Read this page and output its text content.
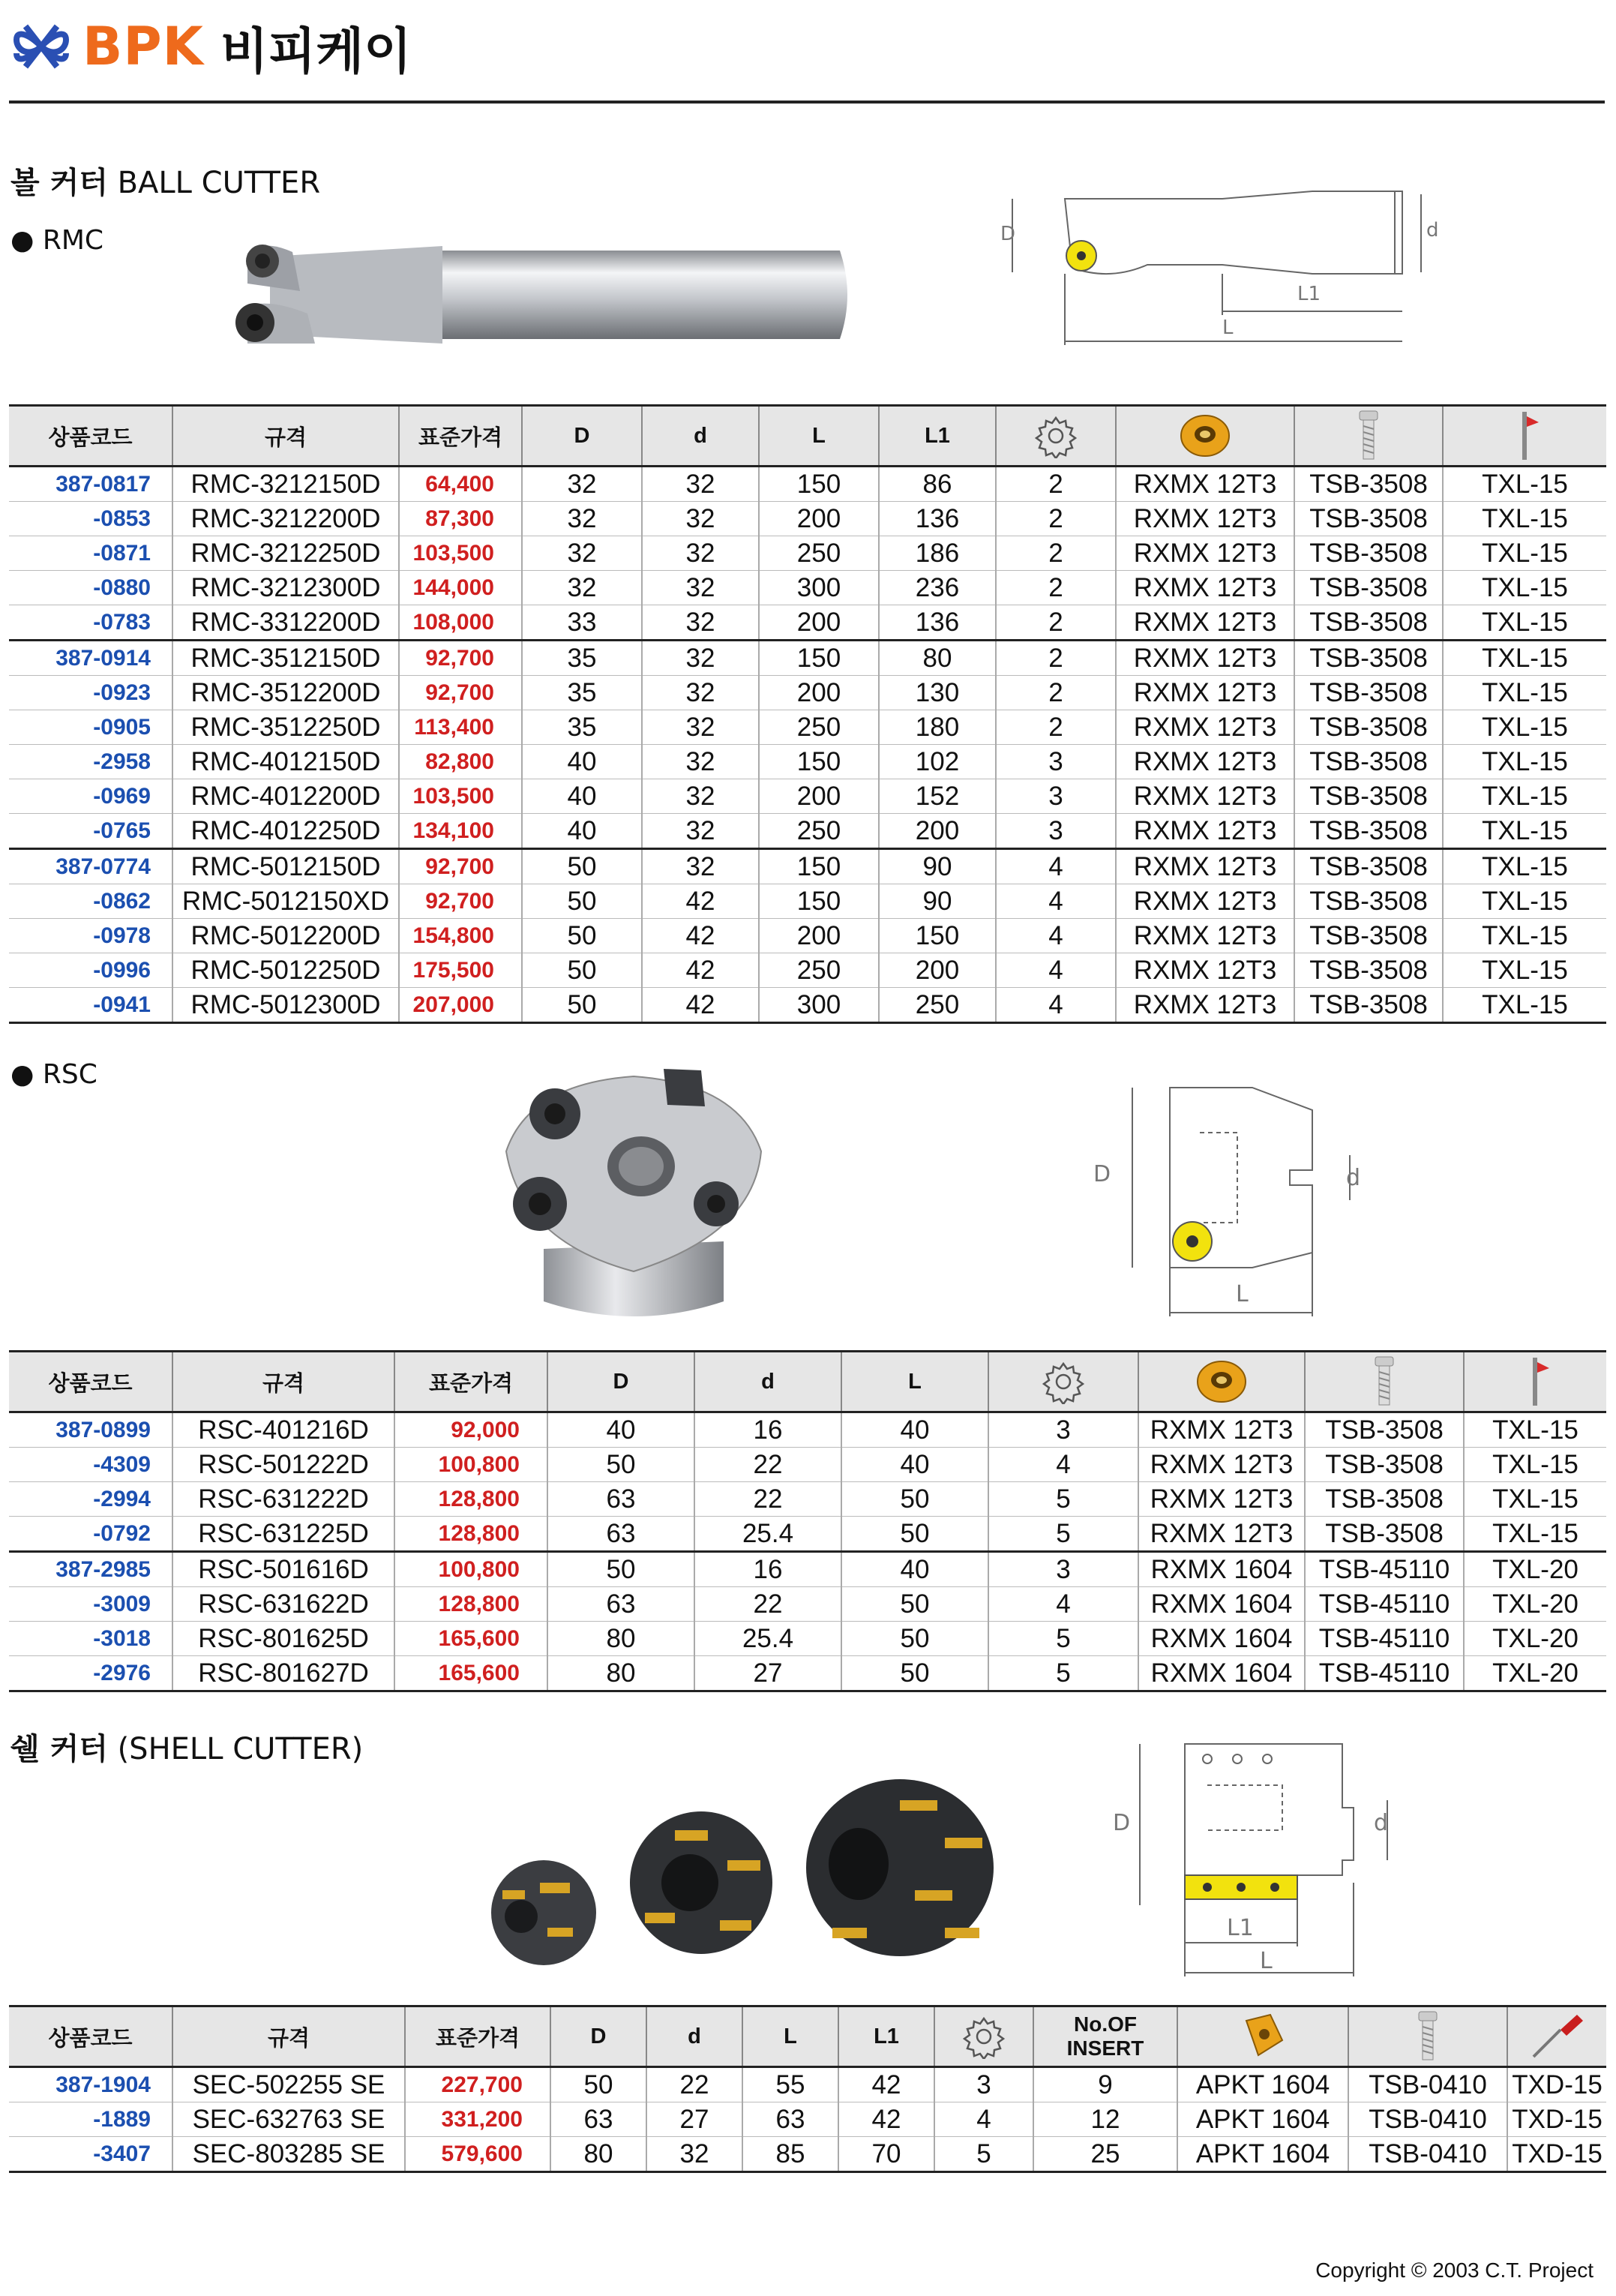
BPK 비피케이
볼 커터 BALL CUTTER
● RMC	D	d
L1
L
상품코드	규격	표준가격	D	d	L	L1				
387-0817	RMC-3212150D	64,400	32	32	150	86	2	RXMX 12T3	TSB-3508	TXL-15
-0853	RMC-3212200D	87,300	32	32	200	136	2	RXMX 12T3	TSB-3508	TXL-15
-0871	RMC-3212250D	103,500	32	32	250	186	2	RXMX 12T3	TSB-3508	TXL-15
-0880	RMC-3212300D	144,000	32	32	300	236	2	RXMX 12T3	TSB-3508	TXL-15
-0783	RMC-3312200D	108,000	33	32	200	136	2	RXMX 12T3	TSB-3508	TXL-15
387-0914	RMC-3512150D	92,700	35	32	150	80	2	RXMX 12T3	TSB-3508	TXL-15
-0923	RMC-3512200D	92,700	35	32	200	130	2	RXMX 12T3	TSB-3508	TXL-15
-0905	RMC-3512250D	113,400	35	32	250	180	2	RXMX 12T3	TSB-3508	TXL-15
-2958	RMC-4012150D	82,800	40	32	150	102	3	RXMX 12T3	TSB-3508	TXL-15
-0969	RMC-4012200D	103,500	40	32	200	152	3	RXMX 12T3	TSB-3508	TXL-15
-0765	RMC-4012250D	134,100	40	32	250	200	3	RXMX 12T3	TSB-3508	TXL-15
387-0774	RMC-5012150D	92,700	50	32	150	90	4	RXMX 12T3	TSB-3508	TXL-15
-0862	RMC-5012150XD	92,700	50	42	150	90	4	RXMX 12T3	TSB-3508	TXL-15
-0978	RMC-5012200D	154,800	50	42	200	150	4	RXMX 12T3	TSB-3508	TXL-15
-0996	RMC-5012250D	175,500	50	42	250	200	4	RXMX 12T3	TSB-3508	TXL-15
-0941	RMC-5012300D	207,000	50	42	300	250	4	RXMX 12T3	TSB-3508	TXL-15
● RSC
D	d
L
상품코드	규격	표준가격	D	d	L				
387-0899	RSC-401216D	92,000	40	16	40	3	RXMX 12T3	TSB-3508	TXL-15
-4309	RSC-501222D	100,800	50	22	40	4	RXMX 12T3	TSB-3508	TXL-15
-2994	RSC-631222D	128,800	63	22	50	5	RXMX 12T3	TSB-3508	TXL-15
-0792	RSC-631225D	128,800	63	25.4	50	5	RXMX 12T3	TSB-3508	TXL-15
387-2985	RSC-501616D	100,800	50	16	40	3	RXMX 1604	TSB-45110	TXL-20
-3009	RSC-631622D	128,800	63	22	50	4	RXMX 1604	TSB-45110	TXL-20
-3018	RSC-801625D	165,600	80	25.4	50	5	RXMX 1604	TSB-45110	TXL-20
-2976	RSC-801627D	165,600	80	27	50	5	RXMX 1604	TSB-45110	TXL-20
쉘 커터 (SHELL CUTTER)
D	d
L1
L
상품코드	규격	표준가격	D	d	L	L1		No.OF
INSERT			
387-1904	SEC-502255 SE	227,700	50	22	55	42	3	9	APKT 1604	TSB-0410	TXD-15
-1889	SEC-632763 SE	331,200	63	27	63	42	4	12	APKT 1604	TSB-0410	TXD-15
-3407	SEC-803285 SE	579,600	80	32	85	70	5	25	APKT 1604	TSB-0410	TXD-15
Copyright © 2003 C.T. Project
